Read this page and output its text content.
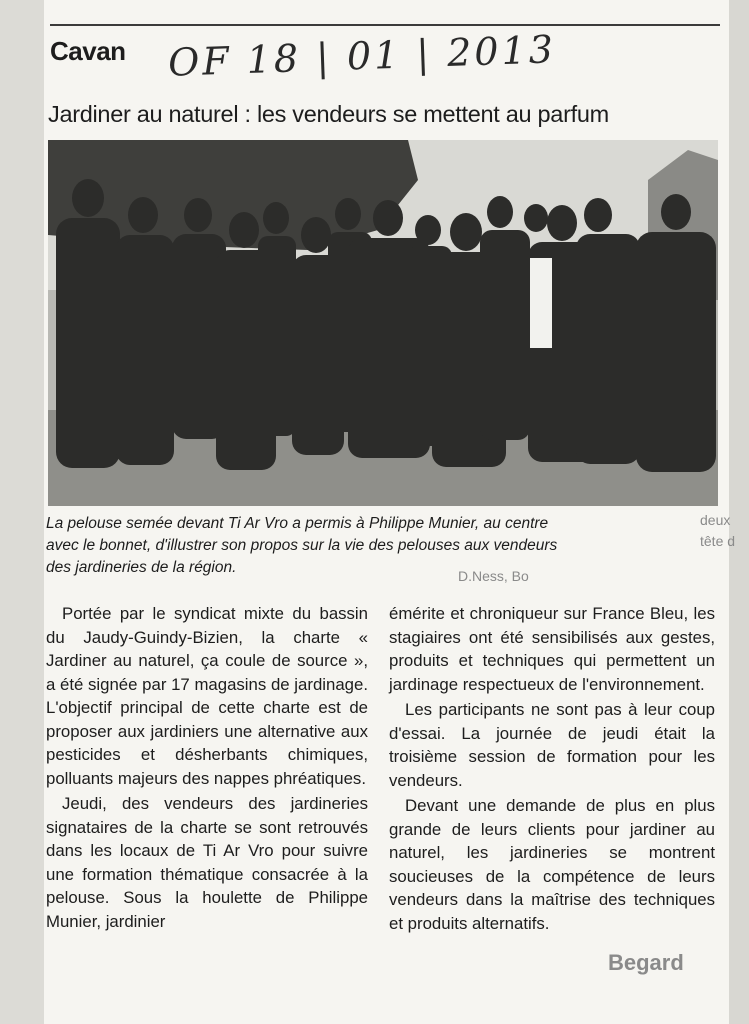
Cavan OF 18 | 01 | 2013
Jardiner au naturel : les vendeurs se mettent au parfum
La pelouse semée devant Ti Ar Vro a permis à Philippe Munier, au centre
avec le bonnet, d'illustrer son propos sur la vie des pelouses aux vendeurs
des jardineries de la région.

Portée par le syndicat mixte du bassin du Jaudy-Guindy-Bizien, la charte « Jardiner au naturel, ça coule de source », a été signée par 17 magasins de jardinage. L'objectif principal de cette charte est de proposer aux jardiniers une alternative aux pesticides et désherbants chimiques, polluants majeurs des nappes phréatiques.

Jeudi, des vendeurs des jardineries signataires de la charte se sont retrouvés dans les locaux de Ti Ar Vro pour suivre une formation thématique consacrée à la pelouse. Sous la houlette de Philippe Munier, jardinier

émérite et chroniqueur sur France Bleu, les stagiaires ont été sensibilisés aux gestes, produits et techniques qui permettent un jardinage respectueux de l'environnement.

Les participants ne sont pas à leur coup d'essai. La journée de jeudi était la troisième session de formation pour les vendeurs.

Devant une demande de plus en plus grande de leurs clients pour jardiner au naturel, les jardineries se montrent soucieuses de la compétence de leurs vendeurs dans la maîtrise des techniques et produits alternatifs.

deux
tête d
D.Ness, Bo
Begard
